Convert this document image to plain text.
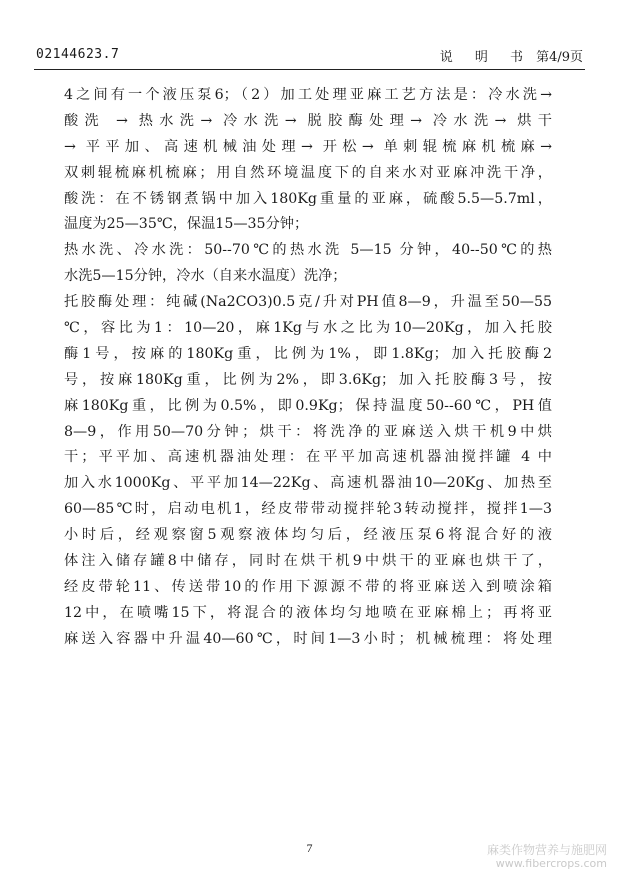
02144623.7	说 明 书 第4/9页
4之间有一个液压泵6；（2）加工处理亚麻工艺方法是：冷水洗→
酸洗 → 热水洗→ 冷水洗→ 脱胶酶处理→ 冷水洗→ 烘干
→ 平平加、高速机械油处理→ 开松→ 单刺辊梳麻机梳麻→
双刺辊梳麻机梳麻；用自然环境温度下的自来水对亚麻冲洗干净，
酸洗：在不锈钢煮锅中加入180Kg重量的亚麻，硫酸5.5—5.7ml，
温度为25—35℃，保温15—35分钟；
热水洗、冷水洗：50--70℃的热水洗 5—15 分钟，40--50℃的热
水洗5—15分钟，冷水（自来水温度）洗净；
托胶酶处理：纯碱(Na2CO3)0.5克/升对PH值8—9，升温至50—55
℃，容比为1：10—20，麻1Kg与水之比为10—20Kg，加入托胶
酶1号，按麻的180Kg重，比例为1%，即1.8Kg；加入托胶酶2
号，按麻180Kg重，比例为2%，即3.6Kg；加入托胶酶3号，按
麻180Kg重，比例为0.5%，即0.9Kg；保持温度50--60℃，PH值
8—9，作用50—70分钟；烘干：将洗净的亚麻送入烘干机9中烘
干；平平加、高速机器油处理：在平平加高速机器油搅拌罐 4 中
加入水1000Kg、平平加14—22Kg、高速机器油10—20Kg、加热至
60—85℃时，启动电机1，经皮带带动搅拌轮3转动搅拌，搅拌1—3
小时后，经观察窗5观察液体均匀后，经液压泵6将混合好的液
体注入储存罐8中储存，同时在烘干机9中烘干的亚麻也烘干了，
经皮带轮11、传送带10的作用下源源不带的将亚麻送入到喷涂箱
12中，在喷嘴15下，将混合的液体均匀地喷在亚麻棉上；再将亚
麻送入容器中升温40—60℃，时间1—3小时；机械梳理：将处理
7	麻类作物营养与施肥网
www.fibercrops.com
